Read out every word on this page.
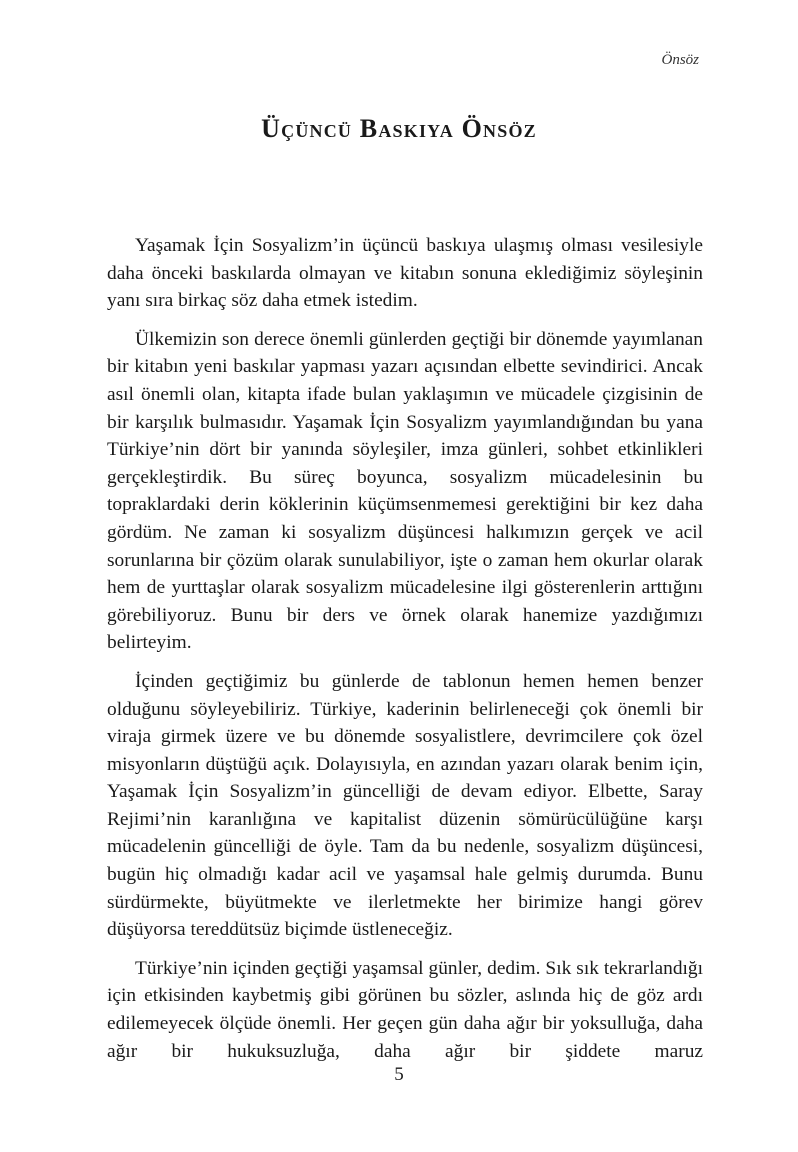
Önsöz
Üçüncü Baskıya Önsöz

Yaşamak İçin Sosyalizm’in üçüncü baskıya ulaşmış olması vesilesiyle daha önceki baskılarda olmayan ve kitabın sonuna eklediğimiz söyleşinin yanı sıra birkaç söz daha etmek istedim.

Ülkemizin son derece önemli günlerden geçtiği bir dönemde yayımlanan bir kitabın yeni baskılar yapması yazarı açısından elbette sevindirici. Ancak asıl önemli olan, kitapta ifade bulan yaklaşımın ve mücadele çizgisinin de bir karşılık bulmasıdır. Yaşamak İçin Sosyalizm yayımlandığından bu yana Türkiye’nin dört bir yanında söyleşiler, imza günleri, sohbet etkinlikleri gerçekleştirdik. Bu süreç boyunca, sosyalizm mücadelesinin bu topraklardaki derin köklerinin küçümsenmemesi gerektiğini bir kez daha gördüm. Ne zaman ki sosyalizm düşüncesi halkımızın gerçek ve acil sorunlarına bir çözüm olarak sunulabiliyor, işte o zaman hem okurlar olarak hem de yurttaşlar olarak sosyalizm mücadelesine ilgi gösterenlerin arttığını görebiliyoruz. Bunu bir ders ve örnek olarak hanemize yazdığımızı belirteyim.

İçinden geçtiğimiz bu günlerde de tablonun hemen hemen benzer olduğunu söyleyebiliriz. Türkiye, kaderinin belirleneceği çok önemli bir viraja girmek üzere ve bu dönemde sosyalistlere, devrimcilere çok özel misyonların düştüğü açık. Dolayısıyla, en azından yazarı olarak benim için, Yaşamak İçin Sosyalizm’in güncelliği de devam ediyor. Elbette, Saray Rejimi’nin karanlığına ve kapitalist düzenin sömürücülüğüne karşı mücadelenin güncelliği de öyle. Tam da bu nedenle, sosyalizm düşüncesi, bugün hiç olmadığı kadar acil ve yaşamsal hale gelmiş durumda. Bunu sürdürmekte, büyütmekte ve ilerletmekte her birimize hangi görev düşüyorsa tereddütsüz biçimde üstleneceğiz.

Türkiye’nin içinden geçtiği yaşamsal günler, dedim. Sık sık tekrarlandığı için etkisinden kaybetmiş gibi görünen bu sözler, aslında hiç de göz ardı edilemeyecek ölçüde önemli. Her geçen gün daha ağır bir yoksulluğa, daha ağır bir hukuksuzluğa, daha ağır bir şiddete maruz

5
